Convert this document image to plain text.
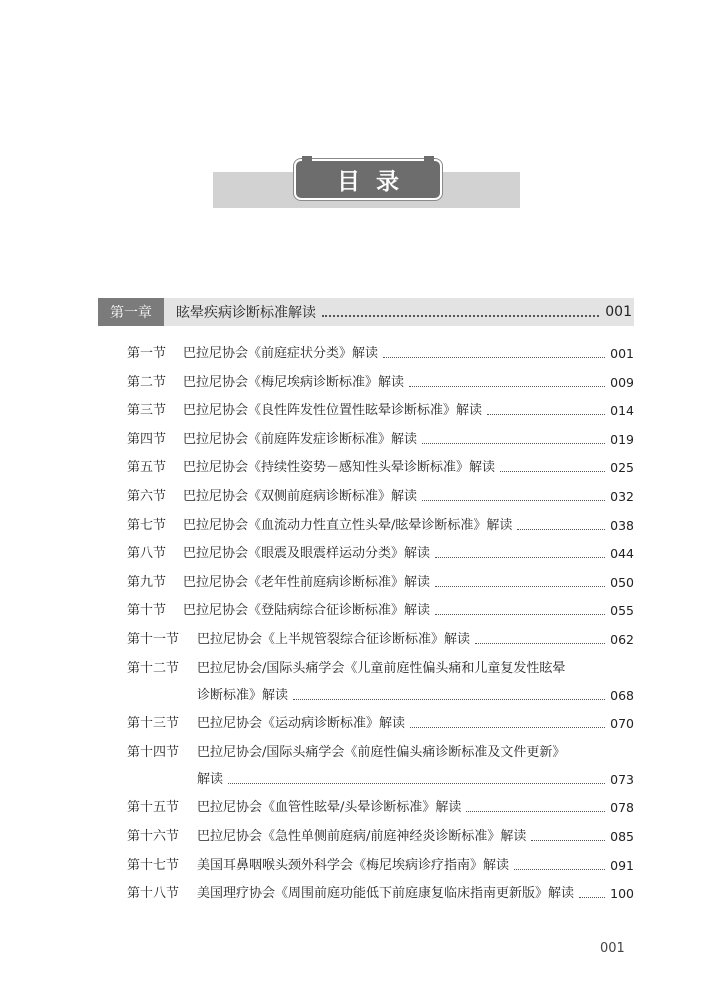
目录
第一章	眩晕疾病诊断标准解读	001
第一节	巴拉尼协会《前庭症状分类》解读	001
第二节	巴拉尼协会《梅尼埃病诊断标准》解读	009
第三节	巴拉尼协会《良性阵发性位置性眩晕诊断标准》解读	014
第四节	巴拉尼协会《前庭阵发症诊断标准》解读	019
第五节	巴拉尼协会《持续性姿势－感知性头晕诊断标准》解读	025
第六节	巴拉尼协会《双侧前庭病诊断标准》解读	032
第七节	巴拉尼协会《血流动力性直立性头晕/眩晕诊断标准》解读	038
第八节	巴拉尼协会《眼震及眼震样运动分类》解读	044
第九节	巴拉尼协会《老年性前庭病诊断标准》解读	050
第十节	巴拉尼协会《登陆病综合征诊断标准》解读	055
第十一节	巴拉尼协会《上半规管裂综合征诊断标准》解读	062
第十二节	巴拉尼协会/国际头痛学会《儿童前庭性偏头痛和儿童复发性眩晕
诊断标准》解读	068
第十三节	巴拉尼协会《运动病诊断标准》解读	070
第十四节	巴拉尼协会/国际头痛学会《前庭性偏头痛诊断标准及文件更新》
解读	073
第十五节	巴拉尼协会《血管性眩晕/头晕诊断标准》解读	078
第十六节	巴拉尼协会《急性单侧前庭病/前庭神经炎诊断标准》解读	085
第十七节	美国耳鼻咽喉头颈外科学会《梅尼埃病诊疗指南》解读	091
第十八节	美国理疗协会《周围前庭功能低下前庭康复临床指南更新版》解读	100
001
